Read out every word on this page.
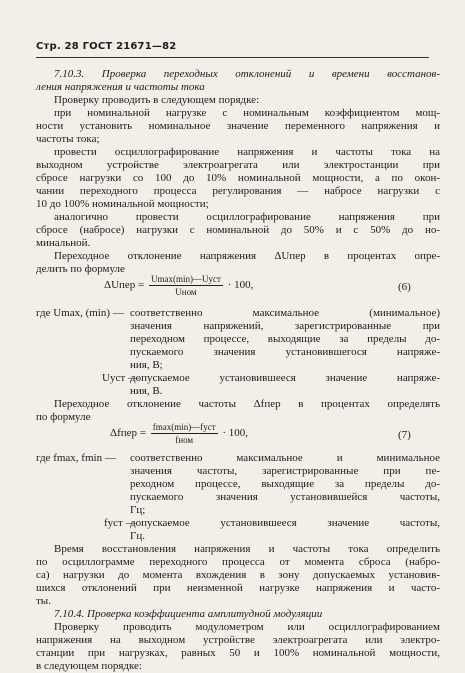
Стр. 28 ГОСТ 21671—82
7.10.3. Проверка переходных отклонений и времени восстанов-
ления напряжения и частоты тока
Проверку проводить в следующем порядке:
при номинальной нагрузке с номинальным коэффициентом мощ-
ности установить номинальное значение переменного напряжения и
частоты тока;
провести осциллографирование напряжения и частоты тока на
выходном устройстве электроагрегата или электростанции при
сбросе нагрузки со 100 до 10% номинальной мощности, а по окон-
чании переходного процесса регулирования — набросе нагрузки с
10 до 100% номинальной мощности;
аналогично провести осциллографирование напряжения при
сбросе (набросе) нагрузки с номинальной до 50% и с 50% до но-
минальной.
Переходное отклонение напряжения ΔUпер в процентах опре-
делить по формуле
ΔUпер = $\frac{\text{Umax(min)—Uуст}}{\text{Uном}} \cdot 100$,	(6)
где Umax, (min) — соответственно максимальное (минимальное)
значения напряжений, зарегистрированные при
переходном процессе, выходящие за пределы до-
пускаемого значения установившегося напряже-
ния, В;
Uуст —
допускаемое установившееся значение напряже-
ния, В.
Переходное отклонение частоты Δfпер в процентах определять
по формуле
Δfпер = $\frac{\text{fmax(min)—fуст}}{\text{fном}} \cdot 100$,	(7)
где fmax, fmin —	соответственно максимальное и минимальное
значения частоты, зарегистрированные при пе-
реходном процессе, выходящие за пределы до-
пускаемого значения установившейся частоты,
Гц;
fуст —
допускаемое установившееся значение частоты,
Гц.
Время восстановления напряжения и частоты тока определить
по осциллограмме переходного процесса от момента сброса (набро-
са) нагрузки до момента вхождения в зону допускаемых установив-
шихся отклонений при неизменной нагрузке напряжения и часто-
ты.
7.10.4. Проверка коэффициента амплитудной модуляции
Проверку проводить модулометром или осциллографированием
напряжения на выходном устройстве электроагрегата или электро-
станции при нагрузках, равных 50 и 100% номинальной мощности,
в следующем порядке:
